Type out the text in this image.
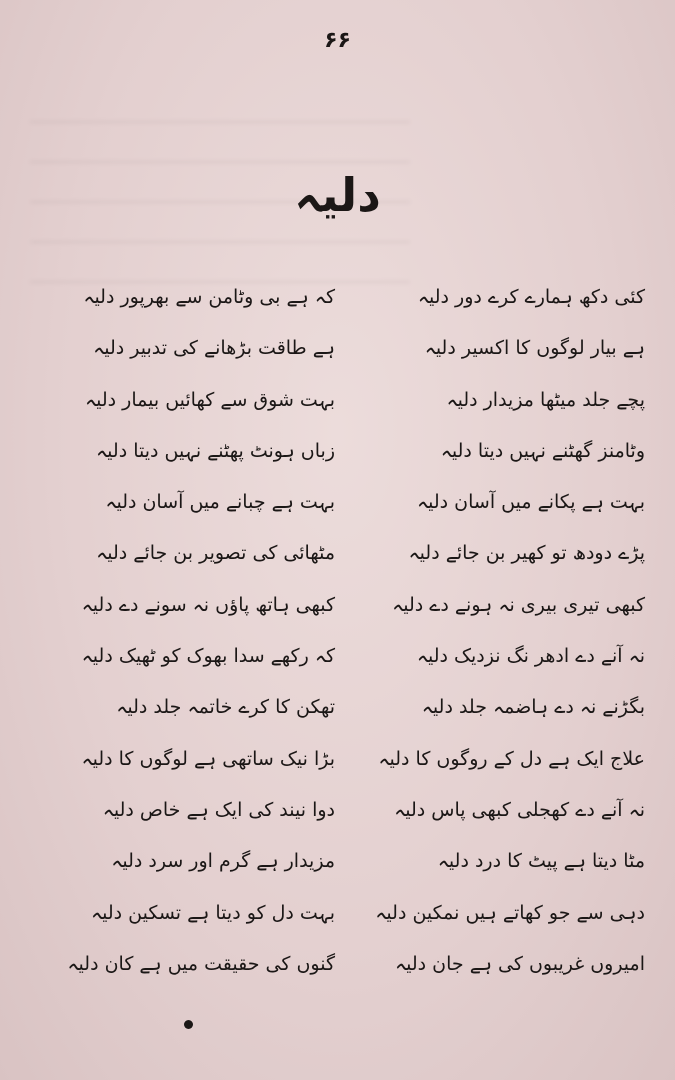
۶۶
دلیہ
کئی دکھ ہمارے کرے دور دلیہ
ہے بیار لوگوں کا اکسیر دلیہ
پچے جلد میٹھا مزیدار دلیہ
وٹامنز گھٹنے نہیں دیتا دلیہ
بہت ہے پکانے میں آسان دلیہ
پڑے دودھ تو کھیر بن جائے دلیہ
کبھی تیری بیری نہ ہونے دے دلیہ
نہ آنے دے ادھر نگ نزدیک دلیہ
بگڑنے نہ دے ہاضمہ جلد دلیہ
علاج ایک ہے دل کے روگوں کا دلیہ
نہ آنے دے کھجلی کبھی پاس دلیہ
مٹا دیتا ہے پیٹ کا درد دلیہ
دہی سے جو کھاتے ہیں نمکین دلیہ
امیروں غریبوں کی ہے جان دلیہ
کہ ہے بی وٹامن سے بھرپور دلیہ
ہے طاقت بڑھانے کی تدبیر دلیہ
بہت شوق سے کھائیں بیمار دلیہ
زباں ہونٹ پھٹنے نہیں دیتا دلیہ
بہت ہے چبانے میں آسان دلیہ
مٹھائی کی تصویر بن جائے دلیہ
کبھی ہاتھ پاؤں نہ سونے دے دلیہ
کہ رکھے سدا بھوک کو ٹھیک دلیہ
تھکن کا کرے خاتمہ جلد دلیہ
بڑا نیک ساتھی ہے لوگوں کا دلیہ
دوا نیند کی ایک ہے خاص دلیہ
مزیدار ہے گرم اور سرد دلیہ
بہت دل کو دیتا ہے تسکین دلیہ
گنوں کی حقیقت میں ہے کان دلیہ
